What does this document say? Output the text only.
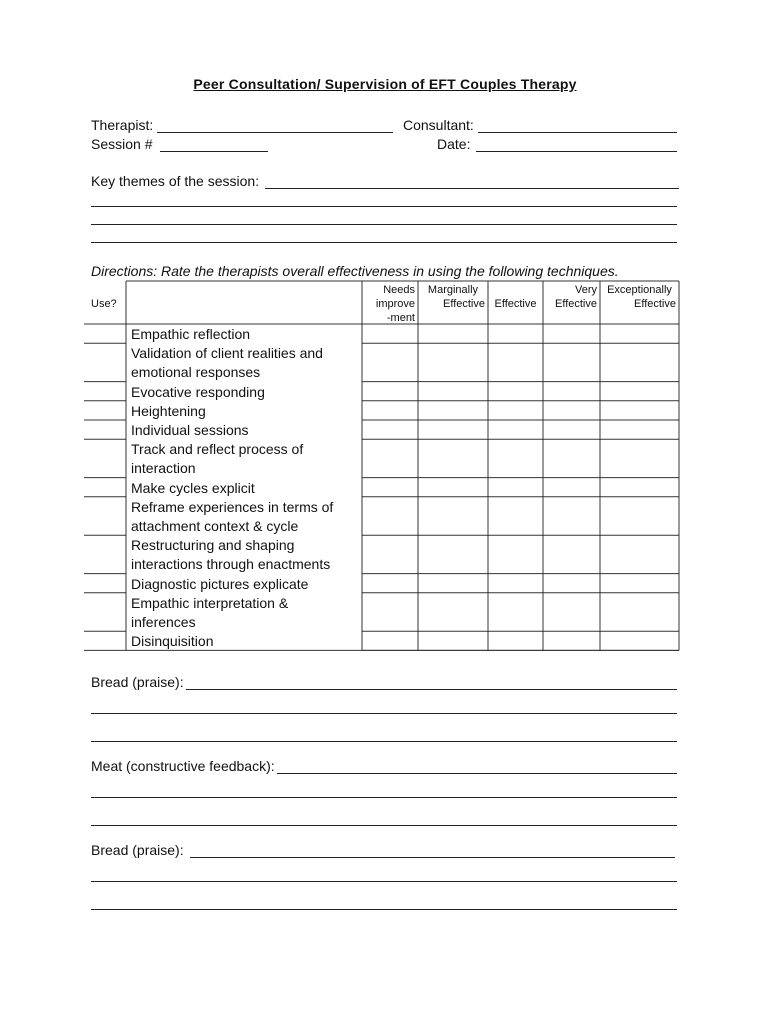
Peer Consultation/ Supervision of EFT Couples Therapy
Therapist:	Consultant:
Session #	Date:
Key themes of the session:
Directions: Rate the therapists overall effectiveness in using the following techniques.
Use?
Needs
improve
-ment
Marginally
Effective Effective
Very
Effective
Exceptionally
Effective
Empathic reflection
Validation of client realities and
emotional responses
Evocative responding
Heightening
Individual sessions
Track and reflect process of
interaction
Make cycles explicit
Reframe experiences in terms of
attachment context & cycle
Restructuring and shaping
interactions through enactments
Diagnostic pictures explicate
Empathic interpretation &
inferences
Disinquisition
Bread (praise):
Meat (constructive feedback):
Bread (praise):
